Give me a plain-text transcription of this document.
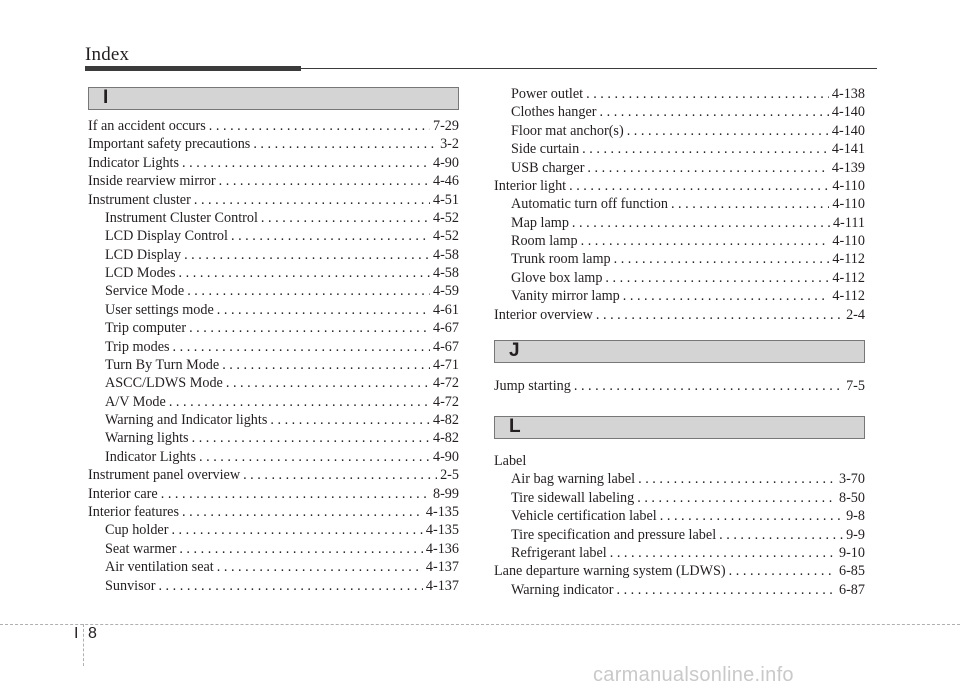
Index
I
If an accident occurs . . .	7-29
Important safety precautions . . .	3-2
Indicator Lights . . .	4-90
Inside rearview mirror . . .	4-46
Instrument cluster . . .	4-51
Instrument Cluster Control . . .	4-52
LCD Display Control . . .	4-52
LCD Display . . .	4-58
LCD Modes . . .	4-58
Service Mode . . .	4-59
User settings mode . . .	4-61
Trip computer . . .	4-67
Trip modes . . .	4-67
Turn By Turn Mode . . .	4-71
ASCC/LDWS Mode . . .	4-72
A/V Mode . . .	4-72
Warning and Indicator lights . . .	4-82
Warning lights . . .	4-82
Indicator Lights . . .	4-90
Instrument panel overview . . .	2-5
Interior care . . .	8-99
Interior features . . .	4-135
Cup holder . . .	4-135
Seat warmer . . .	4-136
Air ventilation seat . . .	4-137
Sunvisor . . .	4-137
Power outlet . . .	4-138
Clothes hanger . . .	4-140
Floor mat anchor(s) . . .	4-140
Side curtain . . .	4-141
USB charger . . .	4-139
Interior light . . .	4-110
Automatic turn off function . . .	4-110
Map lamp . . .	4-111
Room lamp . . .	4-110
Trunk room lamp . . .	4-112
Glove box lamp . . .	4-112
Vanity mirror lamp . . .	4-112
Interior overview . . .	2-4
J
Jump starting . . .	7-5
L
Label
Air bag warning label . . .	3-70
Tire sidewall labeling . . .	8-50
Vehicle certification label . . .	9-8
Tire specification and pressure label . . .	9-9
Refrigerant label . . .	9-10
Lane departure warning system (LDWS) . . .	6-85
Warning indicator . . .	6-87
I 8
carmanualsonline.info
